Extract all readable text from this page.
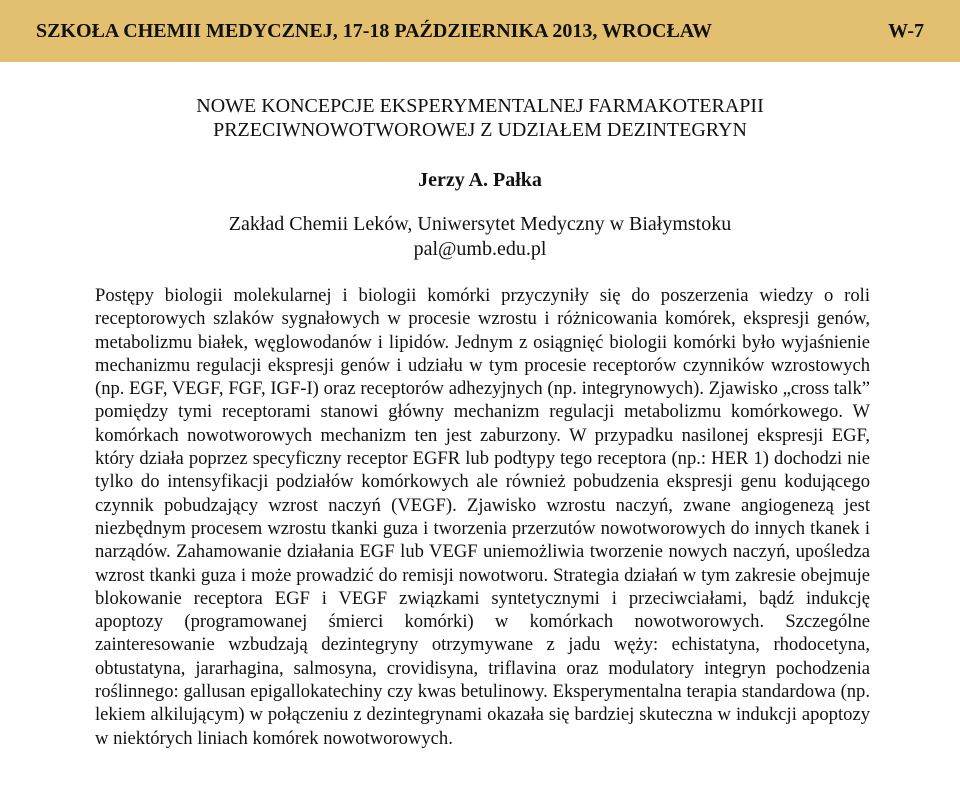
SZKOŁA CHEMII MEDYCZNEJ, 17-18 PAŹDZIERNIKA 2013, WROCŁAW	W-7
NOWE KONCEPCJE EKSPERYMENTALNEJ FARMAKOTERAPII
PRZECIWNOWOTWOROWEJ Z UDZIAŁEM DEZINTEGRYN
Jerzy A. Pałka
Zakład Chemii Leków, Uniwersytet Medyczny w Białymstoku
pal@umb.edu.pl

Postępy biologii molekularnej i biologii komórki przyczyniły się do poszerzenia wiedzy o roli receptorowych szlaków sygnałowych w procesie wzrostu i różnicowania komórek, ekspresji genów, metabolizmu białek, węglowodanów i lipidów. Jednym z osiągnięć biologii komórki było wyjaśnienie mechanizmu regulacji ekspresji genów i udziału w tym procesie receptorów czynników wzrostowych (np. EGF, VEGF, FGF, IGF-I) oraz receptorów adhezyjnych (np. integrynowych). Zjawisko „cross talk” pomiędzy tymi receptorami stanowi główny mechanizm regulacji metabolizmu komórkowego. W komórkach nowotworowych mechanizm ten jest zaburzony. W przypadku nasilonej ekspresji EGF, który działa poprzez specyficzny receptor EGFR lub podtypy tego receptora (np.: HER 1) dochodzi nie tylko do intensyfikacji podziałów komórkowych ale również pobudzenia ekspresji genu kodującego czynnik pobudzający wzrost naczyń (VEGF). Zjawisko wzrostu naczyń, zwane angiogenezą jest niezbędnym procesem wzrostu tkanki guza i tworzenia przerzutów nowotworowych do innych tkanek i narządów. Zahamowanie działania EGF lub VEGF uniemożliwia tworzenie nowych naczyń, upośledza wzrost tkanki guza i może prowadzić do remisji nowotworu. Strategia działań w tym zakresie obejmuje blokowanie receptora EGF i VEGF związkami syntetycznymi i przeciwciałami, bądź indukcję apoptozy (programowanej śmierci komórki) w komórkach nowotworowych. Szczególne zainteresowanie wzbudzają dezintegryny otrzymywane z jadu węży: echistatyna, rhodocetyna, obtustatyna, jararhagina, salmosyna, crovidisyna, triflavina oraz modulatory integryn pochodzenia roślinnego: gallusan epigallokatechiny czy kwas betulinowy. Eksperymentalna terapia standardowa (np. lekiem alkilującym) w połączeniu z dezintegrynami okazała się bardziej skuteczna w indukcji apoptozy w niektórych liniach komórek nowotworowych.
